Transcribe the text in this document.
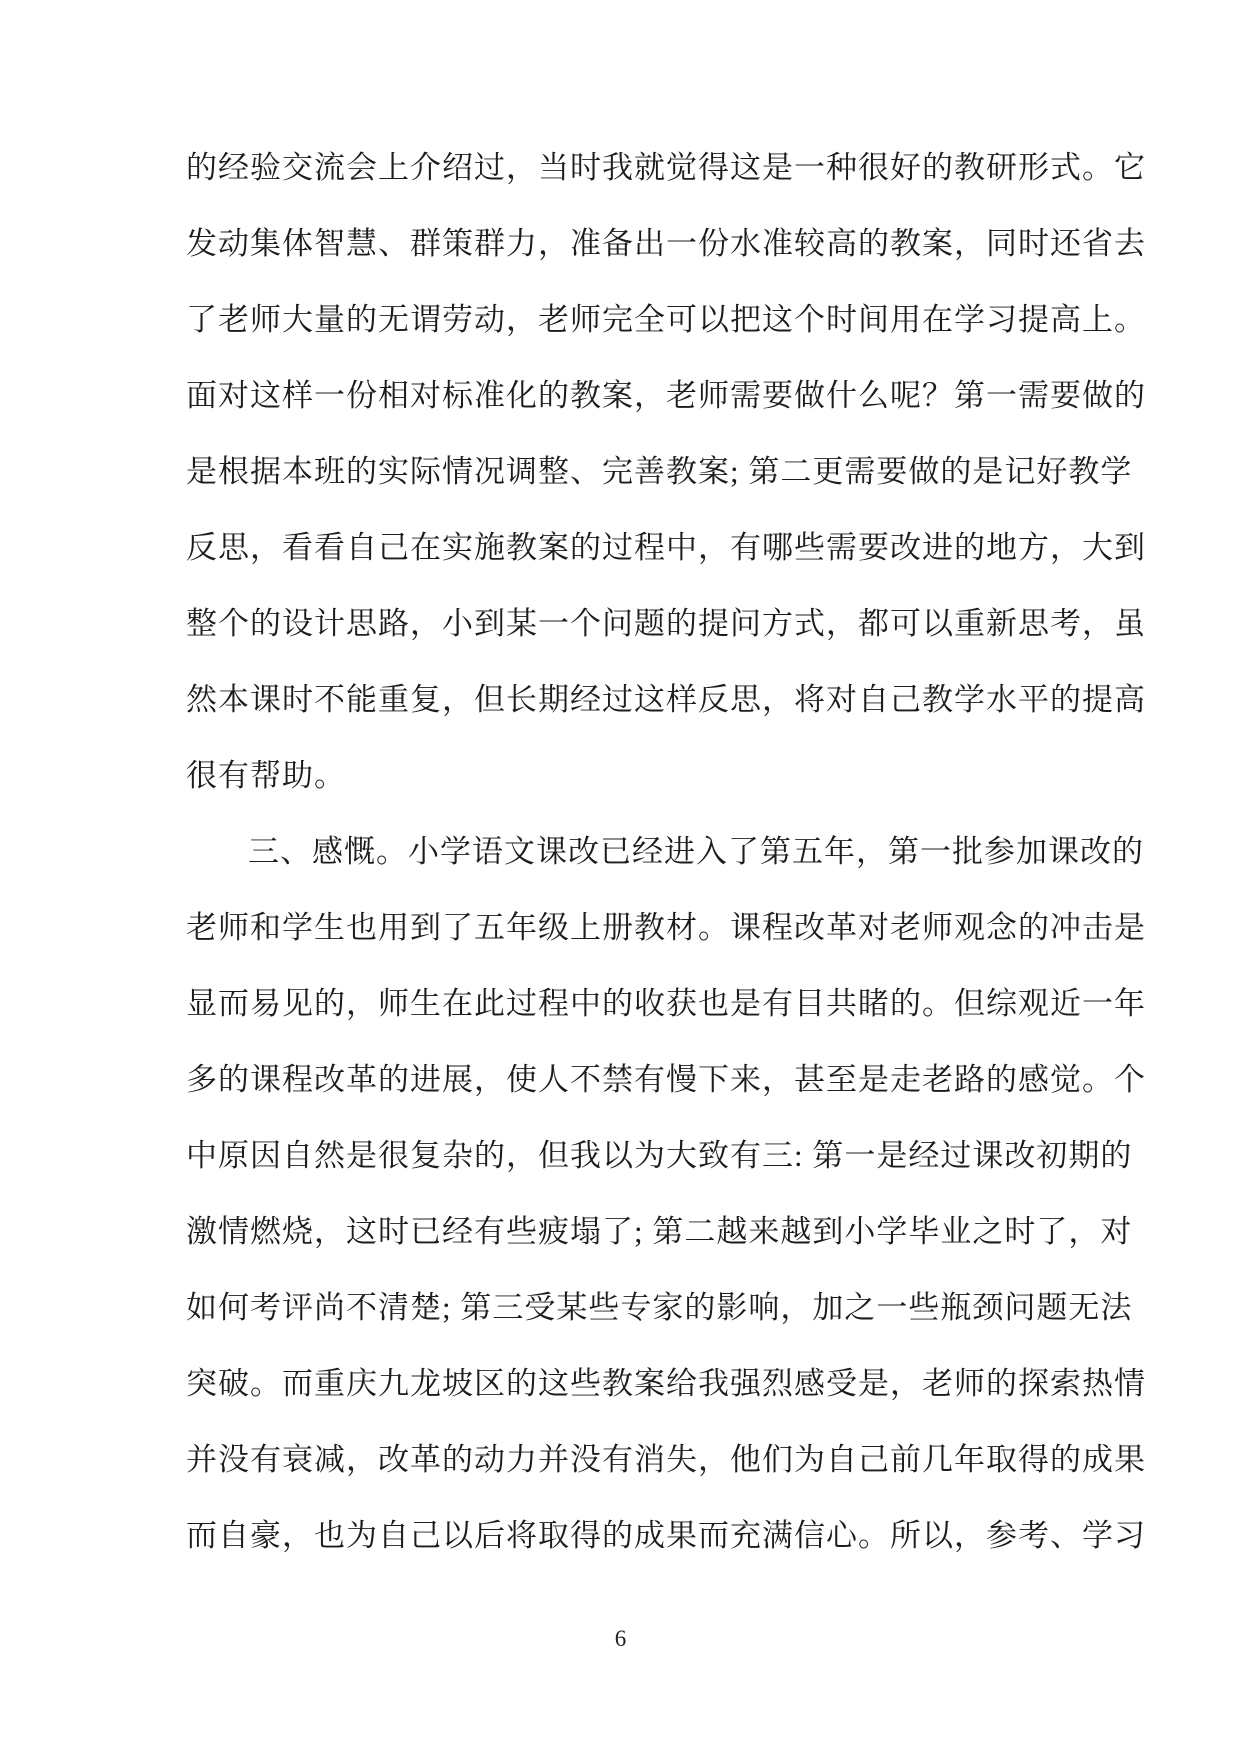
的经验交流会上介绍过，当时我就觉得这是一种很好的教研形式。它
发动集体智慧、群策群力，准备出一份水准较高的教案，同时还省去
了老师大量的无谓劳动，老师完全可以把这个时间用在学习提高上。
面对这样一份相对标准化的教案，老师需要做什么呢？第一需要做的
是根据本班的实际情况调整、完善教案; 第二更需要做的是记好教学
反思，看看自己在实施教案的过程中，有哪些需要改进的地方，大到
整个的设计思路，小到某一个问题的提问方式，都可以重新思考，虽
然本课时不能重复，但长期经过这样反思，将对自己教学水平的提高
很有帮助。
三、感慨。小学语文课改已经进入了第五年，第一批参加课改的
老师和学生也用到了五年级上册教材。课程改革对老师观念的冲击是
显而易见的，师生在此过程中的收获也是有目共睹的。但综观近一年
多的课程改革的进展，使人不禁有慢下来，甚至是走老路的感觉。个
中原因自然是很复杂的，但我以为大致有三: 第一是经过课改初期的
激情燃烧，这时已经有些疲塌了; 第二越来越到小学毕业之时了，对
如何考评尚不清楚; 第三受某些专家的影响，加之一些瓶颈问题无法
突破。而重庆九龙坡区的这些教案给我强烈感受是，老师的探索热情
并没有衰减，改革的动力并没有消失，他们为自己前几年取得的成果
而自豪，也为自己以后将取得的成果而充满信心。所以，参考、学习
6
